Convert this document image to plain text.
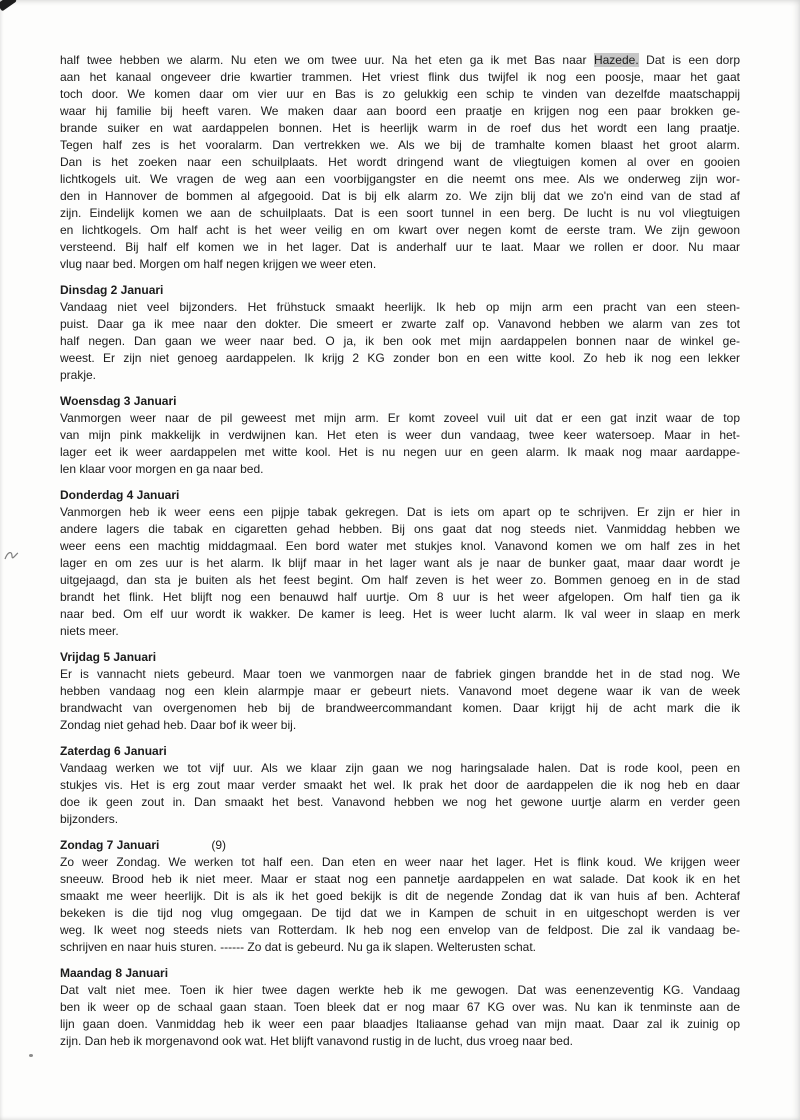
half twee hebben we alarm. Nu eten we om twee uur. Na het eten ga ik met Bas naar Hazede. Dat is een dorp
aan het kanaal ongeveer drie kwartier trammen. Het vriest flink dus twijfel ik nog een poosje, maar het gaat
toch door. We komen daar om vier uur en Bas is zo gelukkig een schip te vinden van dezelfde maatschappij
waar hij familie bij heeft varen. We maken daar aan boord een praatje en krijgen nog een paar brokken ge-
brande suiker en wat aardappelen bonnen. Het is heerlijk warm in de roef dus het wordt een lang praatje.
Tegen half zes is het vooralarm. Dan vertrekken we. Als we bij de tramhalte komen blaast het groot alarm.
Dan is het zoeken naar een schuilplaats. Het wordt dringend want de vliegtuigen komen al over en gooien
lichtkogels uit. We vragen de weg aan een voorbijgangster en die neemt ons mee. Als we onderweg zijn wor-
den in Hannover de bommen al afgegooid. Dat is bij elk alarm zo. We zijn blij dat we zo'n eind van de stad af
zijn. Eindelijk komen we aan de schuilplaats. Dat is een soort tunnel in een berg. De lucht is nu vol vliegtuigen
en lichtkogels. Om half acht is het weer veilig en om kwart over negen komt de eerste tram. We zijn gewoon
versteend. Bij half elf komen we in het lager. Dat is anderhalf uur te laat. Maar we rollen er door. Nu maar
vlug naar bed. Morgen om half negen krijgen we weer eten.
Dinsdag 2 Januari
Vandaag niet veel bijzonders. Het frühstuck smaakt heerlijk. Ik heb op mijn arm een pracht van een steen-
puist. Daar ga ik mee naar den dokter. Die smeert er zwarte zalf op. Vanavond hebben we alarm van zes tot
half negen. Dan gaan we weer naar bed. O ja, ik ben ook met mijn aardappelen bonnen naar de winkel ge-
weest. Er zijn niet genoeg aardappelen. Ik krijg 2 KG zonder bon en een witte kool. Zo heb ik nog een lekker
prakje.
Woensdag 3 Januari
Vanmorgen weer naar de pil geweest met mijn arm. Er komt zoveel vuil uit dat er een gat inzit waar de top
van mijn pink makkelijk in verdwijnen kan. Het eten is weer dun vandaag, twee keer watersoep. Maar in het-
lager eet ik weer aardappelen met witte kool. Het is nu negen uur en geen alarm. Ik maak nog maar aardappe-
len klaar voor morgen en ga naar bed.
Donderdag 4 Januari
Vanmorgen heb ik weer eens een pijpje tabak gekregen. Dat is iets om apart op te schrijven. Er zijn er hier in
andere lagers die tabak en cigaretten gehad hebben. Bij ons gaat dat nog steeds niet. Vanmiddag hebben we
weer eens een machtig middagmaal. Een bord water met stukjes knol. Vanavond komen we om half zes in het
lager en om zes uur is het alarm. Ik blijf maar in het lager want als je naar de bunker gaat, maar daar wordt je
uitgejaagd, dan sta je buiten als het feest begint. Om half zeven is het weer zo. Bommen genoeg en in de stad
brandt het flink. Het blijft nog een benauwd half uurtje. Om 8 uur is het weer afgelopen. Om half tien ga ik
naar bed. Om elf uur wordt ik wakker. De kamer is leeg. Het is weer lucht alarm. Ik val weer in slaap en merk
niets meer.
Vrijdag 5 Januari
Er is vannacht niets gebeurd. Maar toen we vanmorgen naar de fabriek gingen brandde het in de stad nog. We
hebben vandaag nog een klein alarmpje maar er gebeurt niets. Vanavond moet degene waar ik van de week
brandwacht van overgenomen heb bij de brandweercommandant komen. Daar krijgt hij de acht mark die ik
Zondag niet gehad heb. Daar bof ik weer bij.
Zaterdag 6 Januari
Vandaag werken we tot vijf uur. Als we klaar zijn gaan we nog haringsalade halen. Dat is rode kool, peen en
stukjes vis. Het is erg zout maar verder smaakt het wel. Ik prak het door de aardappelen die ik nog heb en daar
doe ik geen zout in. Dan smaakt het best. Vanavond hebben we nog het gewone uurtje alarm en verder geen
bijzonders.
Zondag 7 Januari	(9)
Zo weer Zondag. We werken tot half een. Dan eten en weer naar het lager. Het is flink koud. We krijgen weer
sneeuw. Brood heb ik niet meer. Maar er staat nog een pannetje aardappelen en wat salade. Dat kook ik en het
smaakt me weer heerlijk. Dit is als ik het goed bekijk is dit de negende Zondag dat ik van huis af ben. Achteraf
bekeken is die tijd nog vlug omgegaan. De tijd dat we in Kampen de schuit in en uitgeschopt werden is ver
weg. Ik weet nog steeds niets van Rotterdam. Ik heb nog een envelop van de feldpost. Die zal ik vandaag be-
schrijven en naar huis sturen. ------ Zo dat is gebeurd. Nu ga ik slapen. Welterusten schat.
Maandag 8 Januari
Dat valt niet mee. Toen ik hier twee dagen werkte heb ik me gewogen. Dat was eenenzeventig KG. Vandaag
ben ik weer op de schaal gaan staan. Toen bleek dat er nog maar 67 KG over was. Nu kan ik tenminste aan de
lijn gaan doen. Vanmiddag heb ik weer een paar blaadjes Italiaanse gehad van mijn maat. Daar zal ik zuinig op
zijn. Dan heb ik morgenavond ook wat. Het blijft vanavond rustig in de lucht, dus vroeg naar bed.
